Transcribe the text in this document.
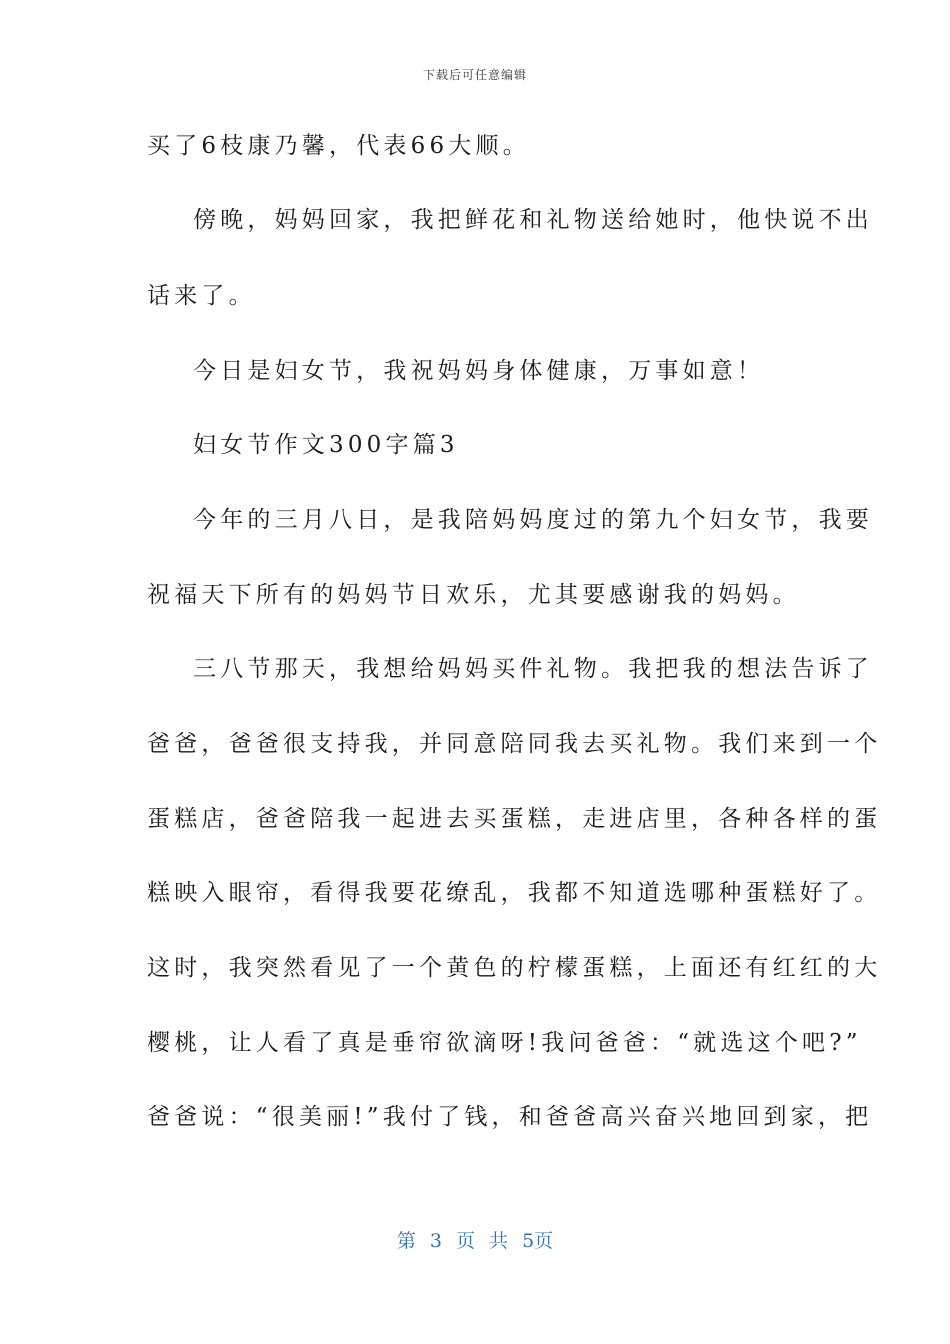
下载后可任意编辑
买了6枝康乃馨，代表66大顺。
傍晚，妈妈回家，我把鲜花和礼物送给她时，他快说不出
话来了。
今日是妇女节，我祝妈妈身体健康，万事如意！
妇女节作文300字篇3
今年的三月八日，是我陪妈妈度过的第九个妇女节，我要
祝福天下所有的妈妈节日欢乐，尤其要感谢我的妈妈。
三八节那天，我想给妈妈买件礼物。我把我的想法告诉了
爸爸，爸爸很支持我，并同意陪同我去买礼物。我们来到一个
蛋糕店，爸爸陪我一起进去买蛋糕，走进店里，各种各样的蛋
糕映入眼帘，看得我要花缭乱，我都不知道选哪种蛋糕好了。
这时，我突然看见了一个黄色的柠檬蛋糕，上面还有红红的大
樱桃，让人看了真是垂帘欲滴呀!我问爸爸：“就选这个吧?”
爸爸说：“很美丽!”我付了钱，和爸爸高兴奋兴地回到家，把
第 3 页 共 5页
